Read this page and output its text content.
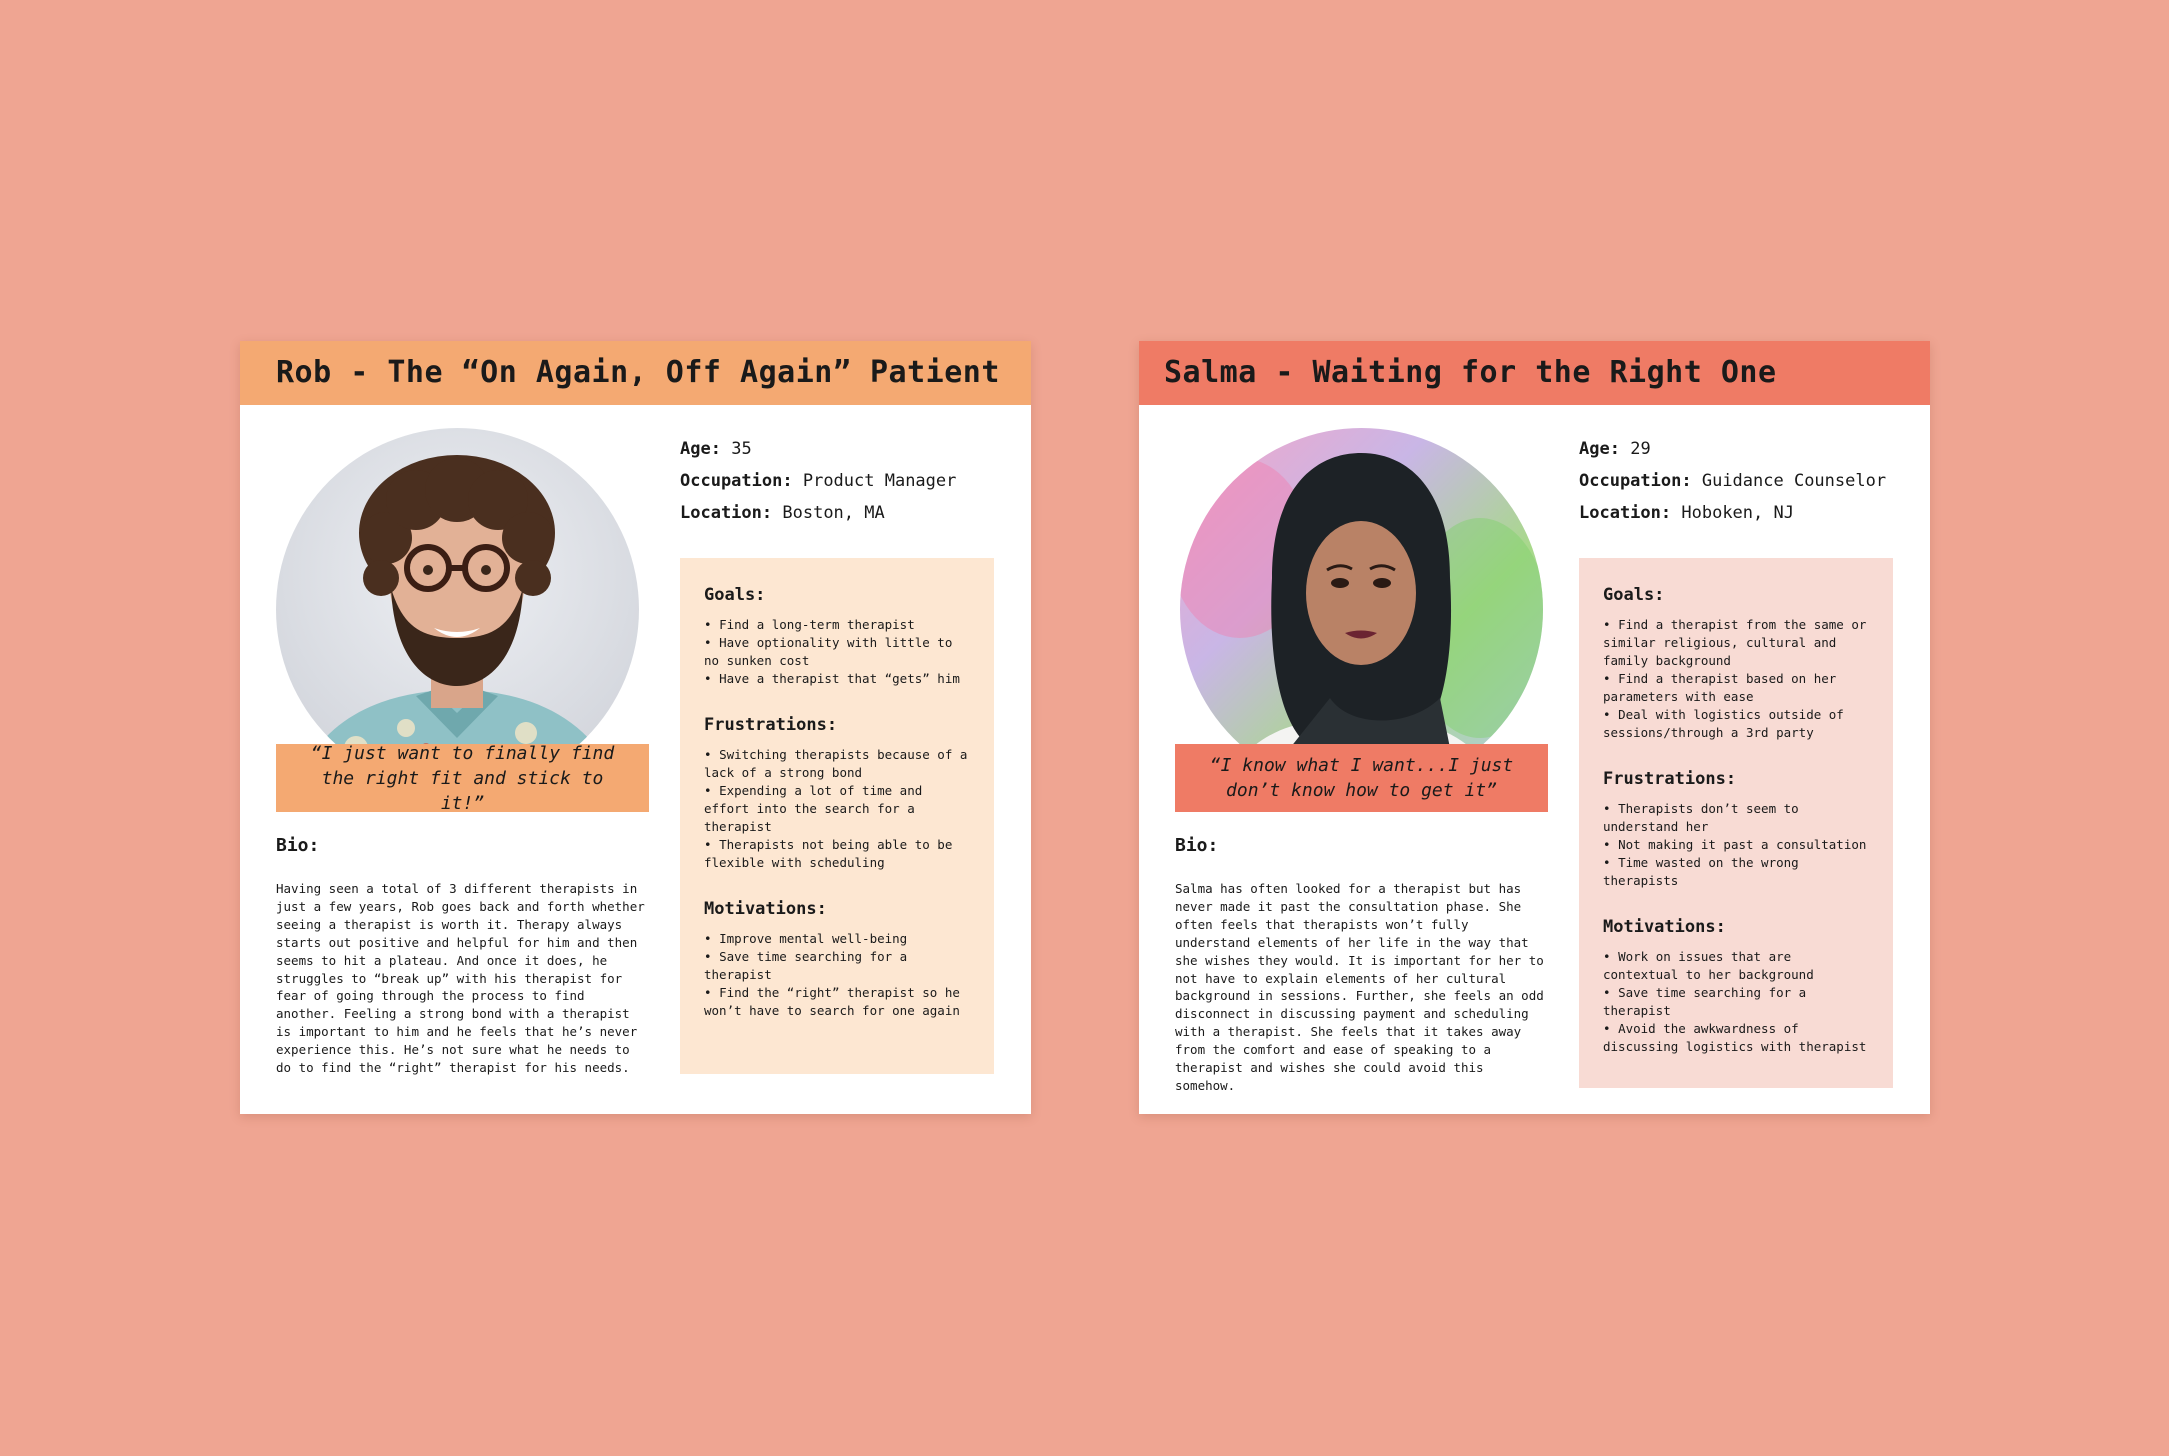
Rob - The “On Again, Off Again” Patient
“I just want to finally find the right fit and stick to it!”
Bio:

Having seen a total of 3 different therapists in just a few years, Rob goes back and forth whether seeing a therapist is worth it. Therapy always starts out positive and helpful for him and then seems to hit a plateau. And once it does, he struggles to “break up” with his therapist for fear of going through the process to find another. Feeling a strong bond with a therapist is important to him and he feels that he’s never experience this. He’s not sure what he needs to do to find the “right” therapist for his needs.

Age: 35
Occupation: Product Manager
Location: Boston, MA
Goals:
• Find a long-term therapist
• Have optionality with little to no sunken cost
• Have a therapist that “gets” him
Frustrations:
• Switching therapists because of a lack of a strong bond
• Expending a lot of time and effort into the search for a therapist
• Therapists not being able to be flexible with scheduling
Motivations:
• Improve mental well-being
• Save time searching for a therapist
• Find the “right” therapist so he won’t have to search for one again
Salma - Waiting for the Right One
“I know what I want...I just don’t know how to get it”
Bio:

Salma has often looked for a therapist but has never made it past the consultation phase. She often feels that therapists won’t fully understand elements of her life in the way that she wishes they would. It is important for her to not have to explain elements of her cultural background in sessions. Further, she feels an odd disconnect in discussing payment and scheduling with a therapist. She feels that it takes away from the comfort and ease of speaking to a therapist and wishes she could avoid this somehow.

Age: 29
Occupation: Guidance Counselor
Location: Hoboken, NJ
Goals:
• Find a therapist from the same or similar religious, cultural and family background
• Find a therapist based on her parameters with ease
• Deal with logistics outside of sessions/through a 3rd party
Frustrations:
• Therapists don’t seem to understand her
• Not making it past a consultation
• Time wasted on the wrong therapists
Motivations:
• Work on issues that are contextual to her background
• Save time searching for a therapist
• Avoid the awkwardness of discussing logistics with therapist
